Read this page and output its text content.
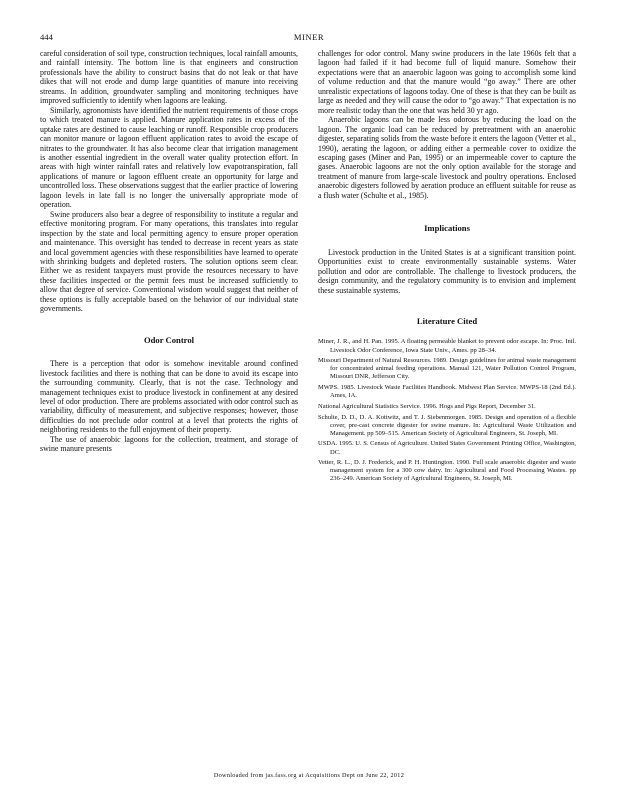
444	MINER

careful consideration of soil type, construction techniques, local rainfall amounts, and rainfall intensity. The bottom line is that engineers and construction professionals have the ability to construct basins that do not leak or that have dikes that will not erode and dump large quantities of manure into receiving streams. In addition, groundwater sampling and monitoring techniques have improved sufficiently to identify when lagoons are leaking.

Similarly, agronomists have identified the nutrient requirements of those crops to which treated manure is applied. Manure application rates in excess of the uptake rates are destined to cause leaching or runoff. Responsible crop producers can monitor manure or lagoon effluent application rates to avoid the escape of nitrates to the groundwater. It has also become clear that irrigation management is another essential ingredient in the overall water quality protection effort. In areas with high winter rainfall rates and relatively low evapotranspiration, fall applications of manure or lagoon effluent create an opportunity for large and uncontrolled loss. These observations suggest that the earlier practice of lowering lagoon levels in late fall is no longer the universally appropriate mode of operation.

Swine producers also bear a degree of responsibility to institute a regular and effective monitoring program. For many operations, this translates into regular inspection by the state and local permitting agency to ensure proper operation and maintenance. This oversight has tended to decrease in recent years as state and local government agencies with these responsibilities have learned to operate with shrinking budgets and depleted rosters. The solution options seem clear. Either we as resident taxpayers must provide the resources necessary to have these facilities inspected or the permit fees must be increased sufficiently to allow that degree of service. Conventional wisdom would suggest that neither of these options is fully acceptable based on the behavior of our individual state governments.

Odor Control

There is a perception that odor is somehow inevitable around confined livestock facilities and there is nothing that can be done to avoid its escape into the surrounding community. Clearly, that is not the case. Technology and management techniques exist to produce livestock in confinement at any desired level of odor production. There are problems associated with odor control such as variability, difficulty of measurement, and subjective responses; however, those difficulties do not preclude odor control at a level that protects the rights of neighboring residents to the full enjoyment of their property.

The use of anaerobic lagoons for the collection, treatment, and storage of swine manure presents

challenges for odor control. Many swine producers in the late 1960s felt that a lagoon had failed if it had become full of liquid manure. Somehow their expectations were that an anaerobic lagoon was going to accomplish some kind of volume reduction and that the manure would “go away.” There are other unrealistic expectations of lagoons today. One of these is that they can be built as large as needed and they will cause the odor to “go away.” That expectation is no more realistic today than the one that was held 30 yr ago.

Anaerobic lagoons can be made less odorous by reducing the load on the lagoon. The organic load can be reduced by pretreatment with an anaerobic digester, separating solids from the waste before it enters the lagoon (Vetter et al., 1990), aerating the lagoon, or adding either a permeable cover to oxidize the escaping gases (Miner and Pan, 1995) or an impermeable cover to capture the gases. Anaerobic lagoons are not the only option available for the storage and treatment of manure from large-scale livestock and poultry operations. Enclosed anaerobic digesters followed by aeration produce an effluent suitable for reuse as a flush water (Schulte et al., 1985).

Implications

Livestock production in the United States is at a significant transition point. Opportunities exist to create environmentally sustainable systems. Water pollution and odor are controllable. The challenge to livestock producers, the design community, and the regulatory community is to envision and implement these sustainable systems.

Literature Cited

Miner, J. R., and H. Pan. 1995. A floating permeable blanket to prevent odor escape. In: Proc. Intl. Livestock Odor Conference, Iowa State Univ., Ames. pp 28–34.

Missouri Department of Natural Resources. 1989. Design guidelines for animal waste management for concentrated animal feeding operations. Manual 121, Water Pollution Control Program, Missouri DNR, Jefferson City.

MWPS. 1985. Livestock Waste Facilities Handbook. Midwest Plan Service. MWPS-18 (2nd Ed.). Ames, IA.

National Agricultural Statistics Service. 1996. Hogs and Pigs Report, December 31.

Schulte, D. D., D. A. Kottwitz, and T. J. Siebenmorgen. 1985. Design and operation of a flexible cover, pre-cast concrete digester for swine manure. In: Agricultural Waste Utilization and Management. pp 509–515. American Society of Agricultural Engineers, St. Joseph, MI.

USDA. 1995. U. S. Census of Agriculture. United States Government Printing Office, Washington, DC.

Vetter, R. L., D. J. Frederick, and P. H. Huntington. 1990. Full scale anaerobic digester and waste management system for a 300 cow dairy. In: Agricultural and Food Processing Wastes. pp 236–249. American Society of Agricultural Engineers, St. Joseph, MI.

Downloaded from jas.fass.org at Acquisitions Dept on June 22, 2012
